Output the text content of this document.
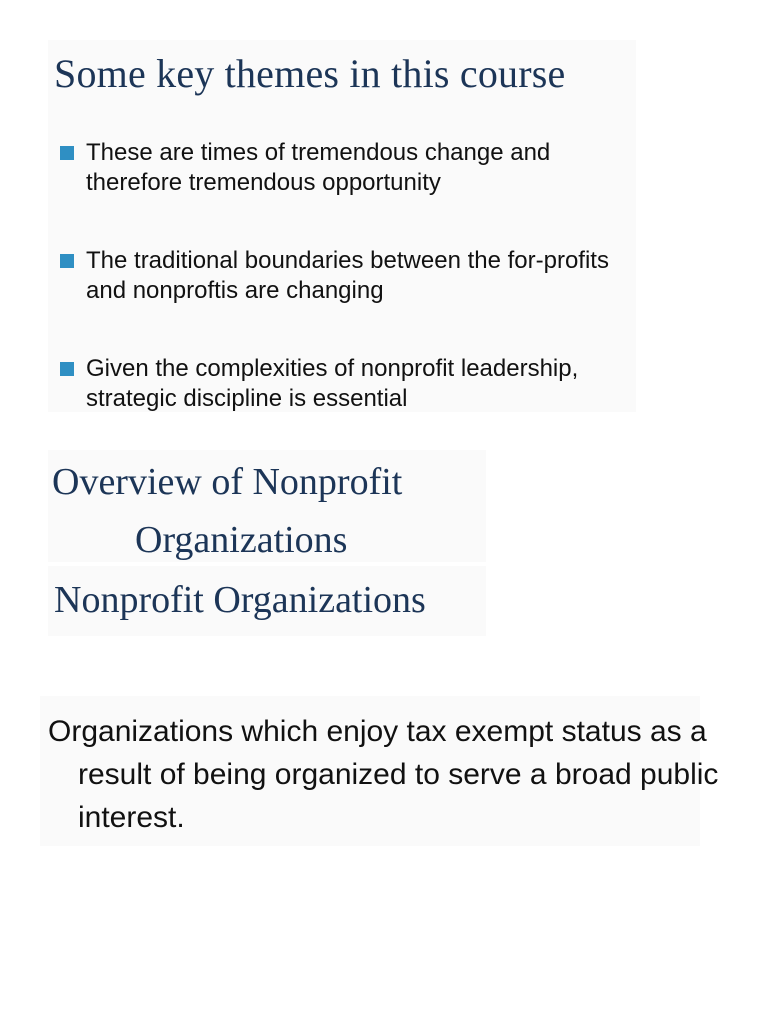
Some key themes in this course
These are times of tremendous change and therefore tremendous opportunity
The traditional boundaries between the for-profits and nonproftis are changing
Given the complexities of nonprofit leadership, strategic discipline is essential
Overview of Nonprofit
Organizations
Nonprofit Organizations

Organizations which enjoy tax exempt status as a result of being organized to serve a broad public interest.
